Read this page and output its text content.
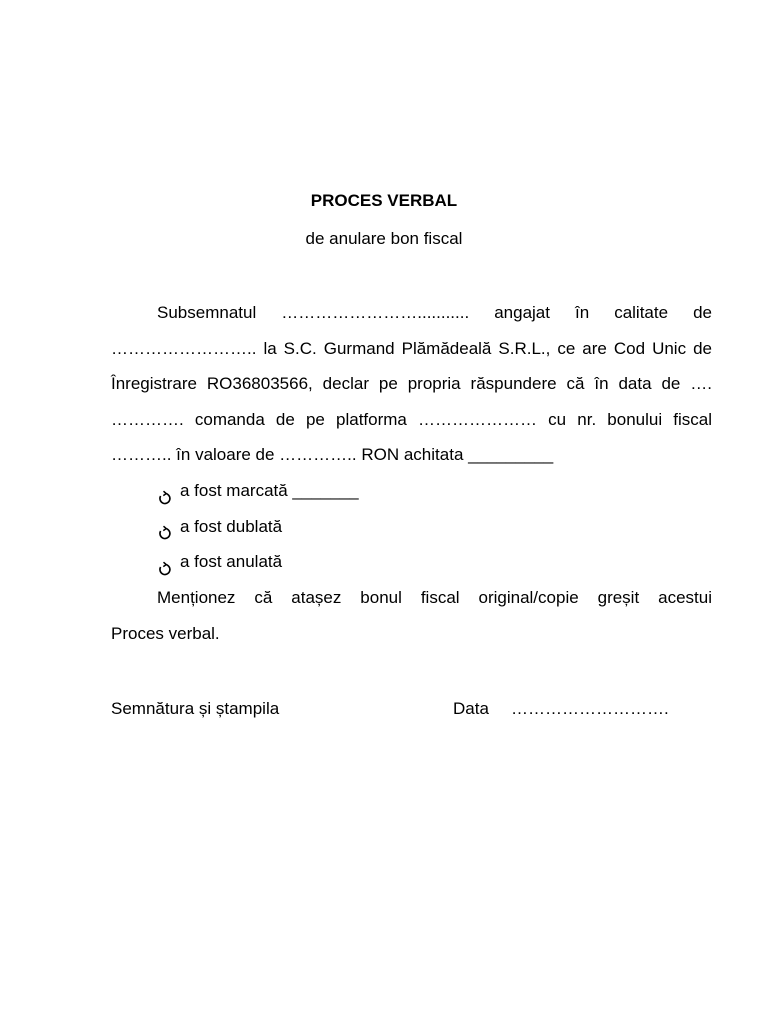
PROCES VERBAL
de anulare bon fiscal
Subsemnatul ……………………........... angajat în calitate de
…………………….. la S.C. Gurmand Plămădeală S.R.L., ce are Cod Unic de
Înregistrare RO36803566, declar pe propria răspundere că în data de ….
…………. comanda de pe platforma ………………… cu nr. bonului fiscal
……….. în valoare de ………….. RON achitata _________
a fost marcată _______
a fost dublată
a fost anulată
Menționez că atașez bonul fiscal original/copie greșit acestui
Proces verbal.
Semnătura și ștampila	Data ……………………….
